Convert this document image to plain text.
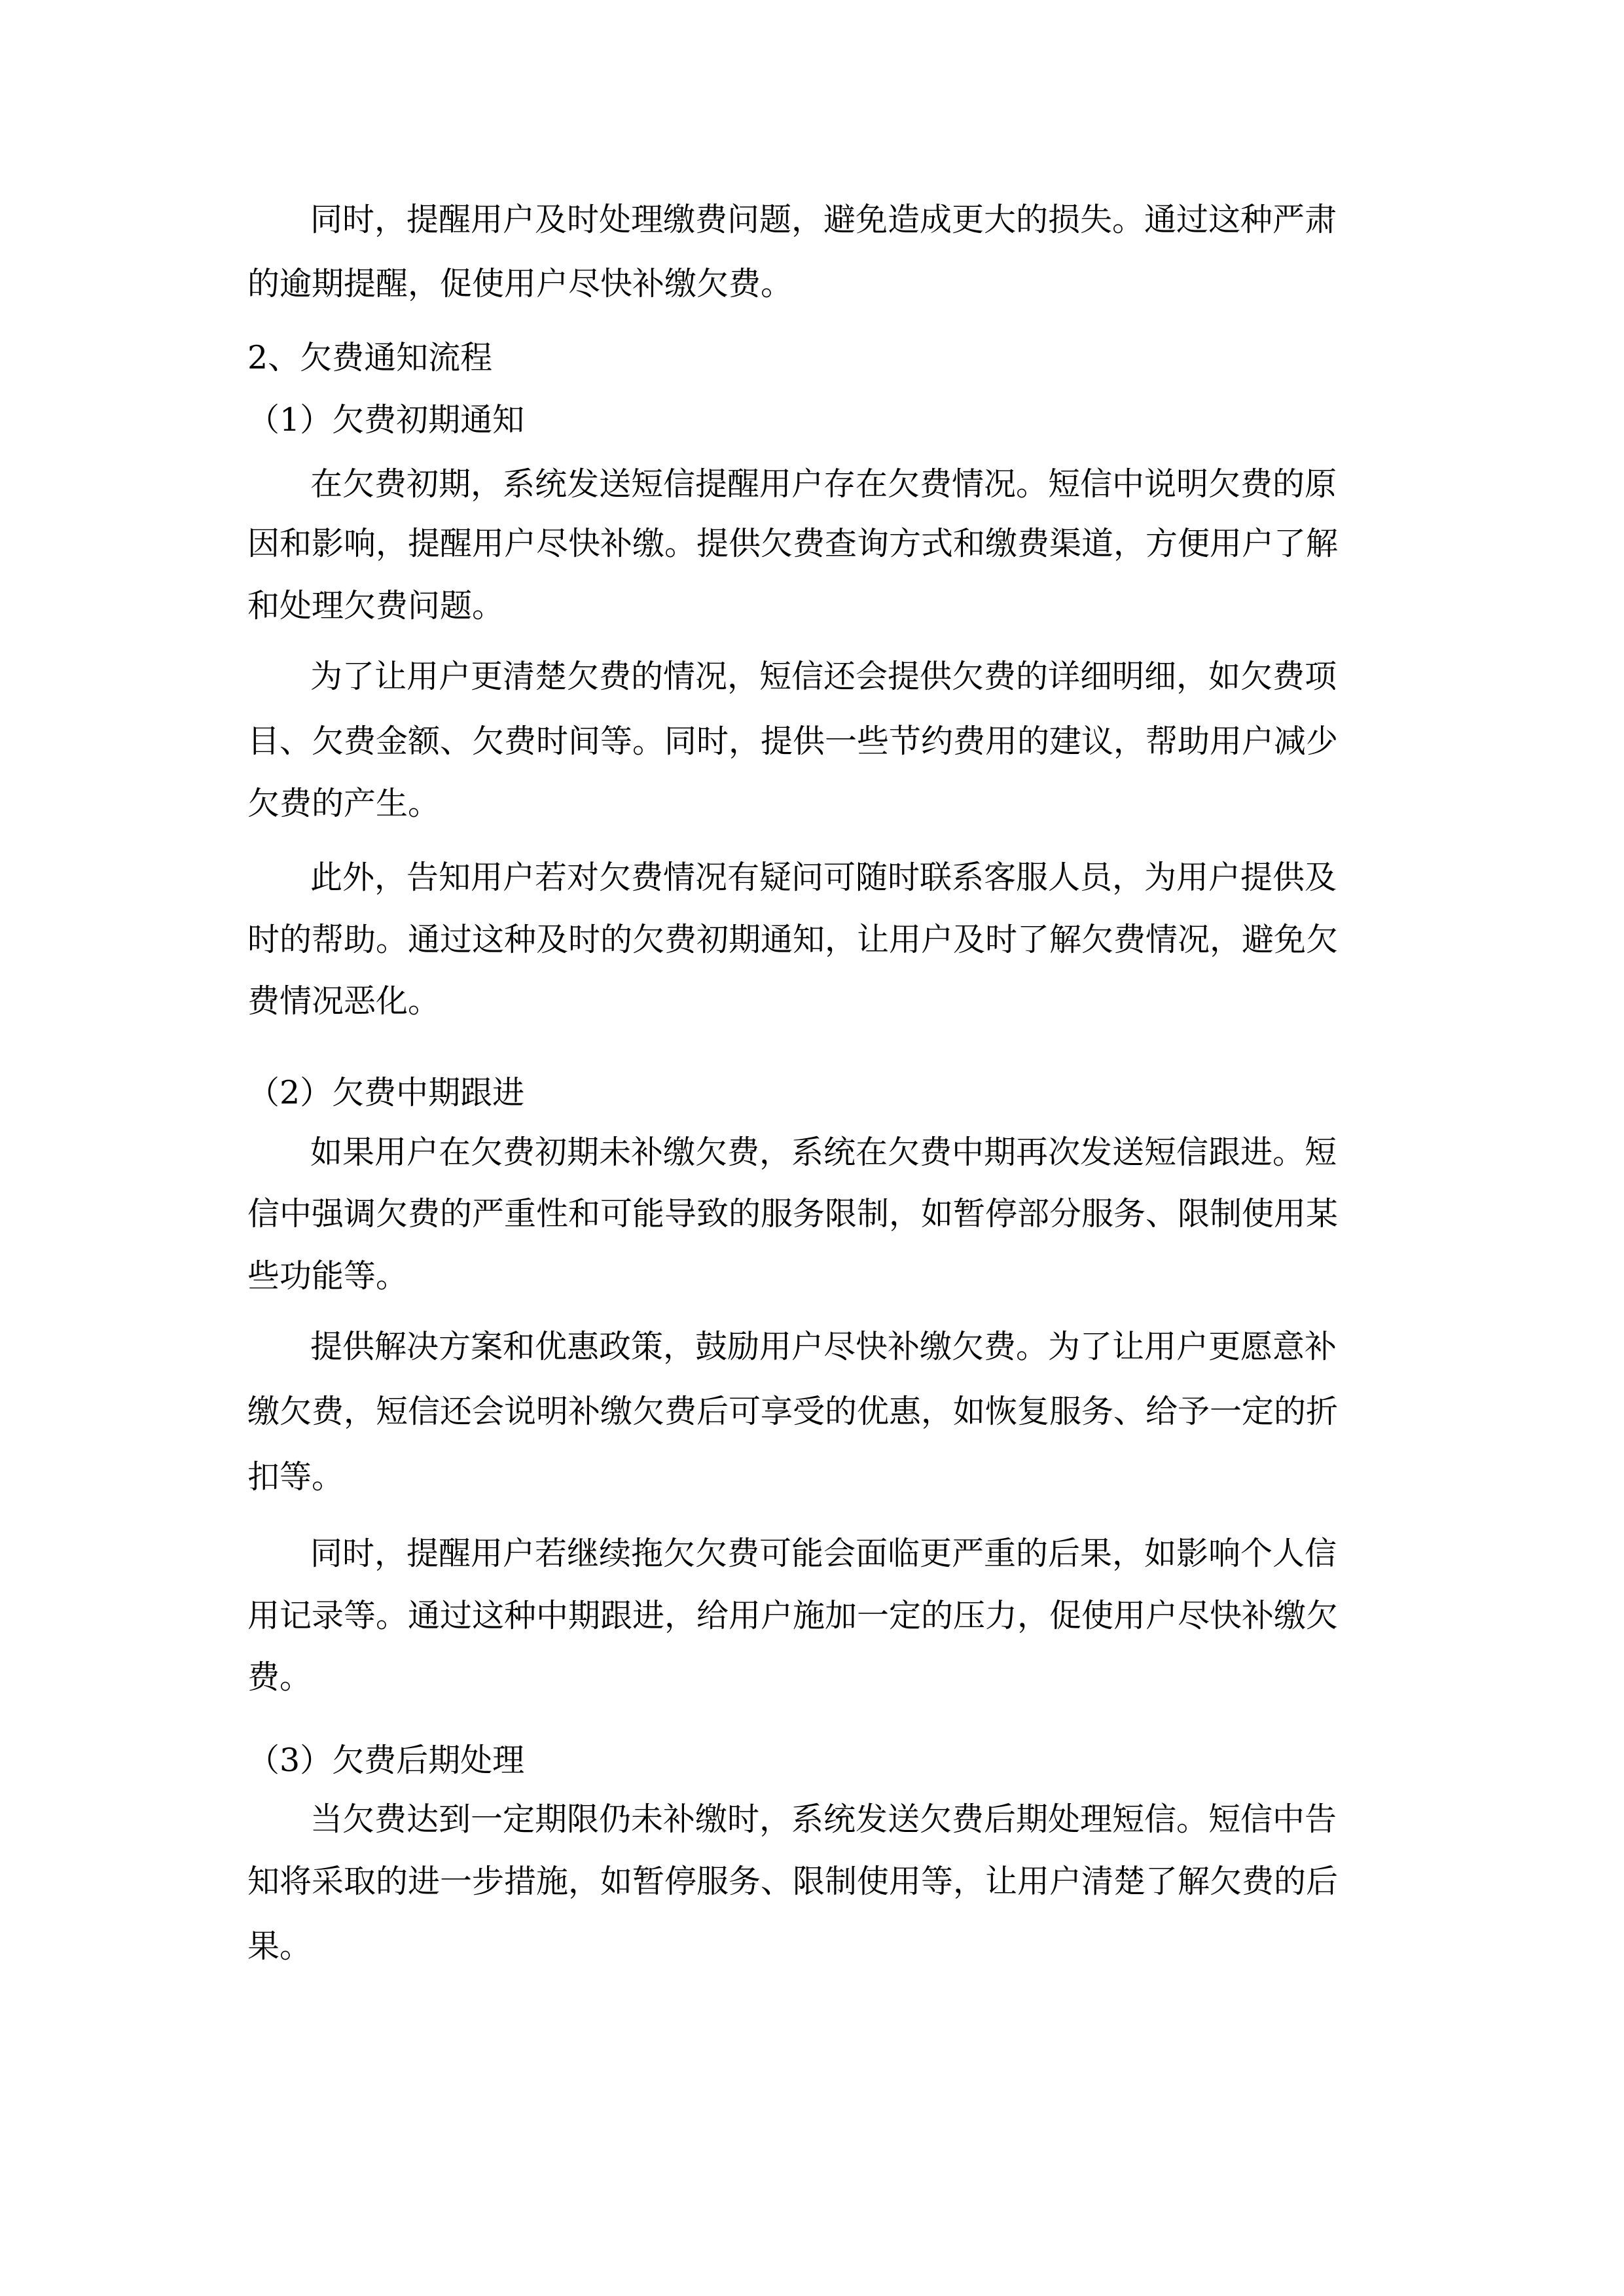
同时，提醒用户及时处理缴费问题，避免造成更大的损失。通过这种严肃
的逾期提醒，促使用户尽快补缴欠费。
2、欠费通知流程
（1）欠费初期通知
在欠费初期，系统发送短信提醒用户存在欠费情况。短信中说明欠费的原
因和影响，提醒用户尽快补缴。提供欠费查询方式和缴费渠道，方便用户了解
和处理欠费问题。
为了让用户更清楚欠费的情况，短信还会提供欠费的详细明细，如欠费项
目、欠费金额、欠费时间等。同时，提供一些节约费用的建议，帮助用户减少
欠费的产生。
此外，告知用户若对欠费情况有疑问可随时联系客服人员，为用户提供及
时的帮助。通过这种及时的欠费初期通知，让用户及时了解欠费情况，避免欠
费情况恶化。
（2）欠费中期跟进
如果用户在欠费初期未补缴欠费，系统在欠费中期再次发送短信跟进。短
信中强调欠费的严重性和可能导致的服务限制，如暂停部分服务、限制使用某
些功能等。
提供解决方案和优惠政策，鼓励用户尽快补缴欠费。为了让用户更愿意补
缴欠费，短信还会说明补缴欠费后可享受的优惠，如恢复服务、给予一定的折
扣等。
同时，提醒用户若继续拖欠欠费可能会面临更严重的后果，如影响个人信
用记录等。通过这种中期跟进，给用户施加一定的压力，促使用户尽快补缴欠
费。
（3）欠费后期处理
当欠费达到一定期限仍未补缴时，系统发送欠费后期处理短信。短信中告
知将采取的进一步措施，如暂停服务、限制使用等，让用户清楚了解欠费的后
果。
